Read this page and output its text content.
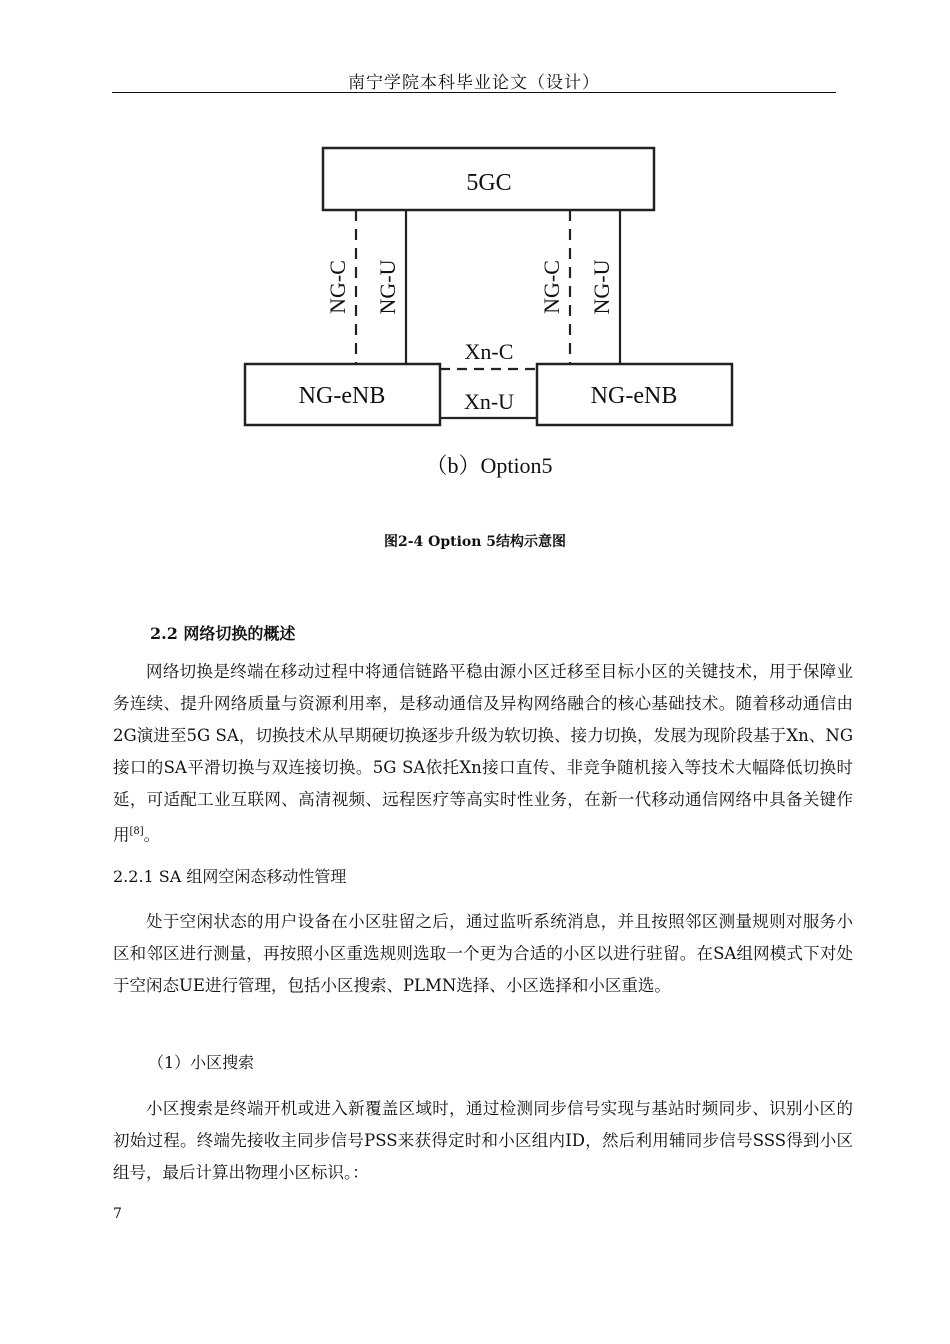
南宁学院本科毕业论文（设计）
5GC
NG-C NG-U	NG-C NG-U
NG-eNB	NG-eNB
Xn-C
Xn-U
（b）Option5
图2-4 Option 5结构示意图
2.2 网络切换的概述

网络切换是终端在移动过程中将通信链路平稳由源小区迁移至目标小区的关键技术，用于保障业务连续、提升网络质量与资源利用率，是移动通信及异构网络融合的核心基础技术。随着移动通信由2G演进至5G SA，切换技术从早期硬切换逐步升级为软切换、接力切换，发展为现阶段基于Xn、NG接口的SA平滑切换与双连接切换。5G SA依托Xn接口直传、非竞争随机接入等技术大幅降低切换时延，可适配工业互联网、高清视频、远程医疗等高实时性业务，在新一代移动通信网络中具备关键作用[8]。

2.2.1 SA 组网空闲态移动性管理

处于空闲状态的用户设备在小区驻留之后，通过监听系统消息，并且按照邻区测量规则对服务小区和邻区进行测量，再按照小区重选规则选取一个更为合适的小区以进行驻留。在SA组网模式下对处于空闲态UE进行管理，包括小区搜索、PLMN选择、小区选择和小区重选。

（1）小区搜索

小区搜索是终端开机或进入新覆盖区域时，通过检测同步信号实现与基站时频同步、识别小区的初始过程。终端先接收主同步信号PSS来获得定时和小区组内ID，然后利用辅同步信号SSS得到小区组号，最后计算出物理小区标识。：

7
